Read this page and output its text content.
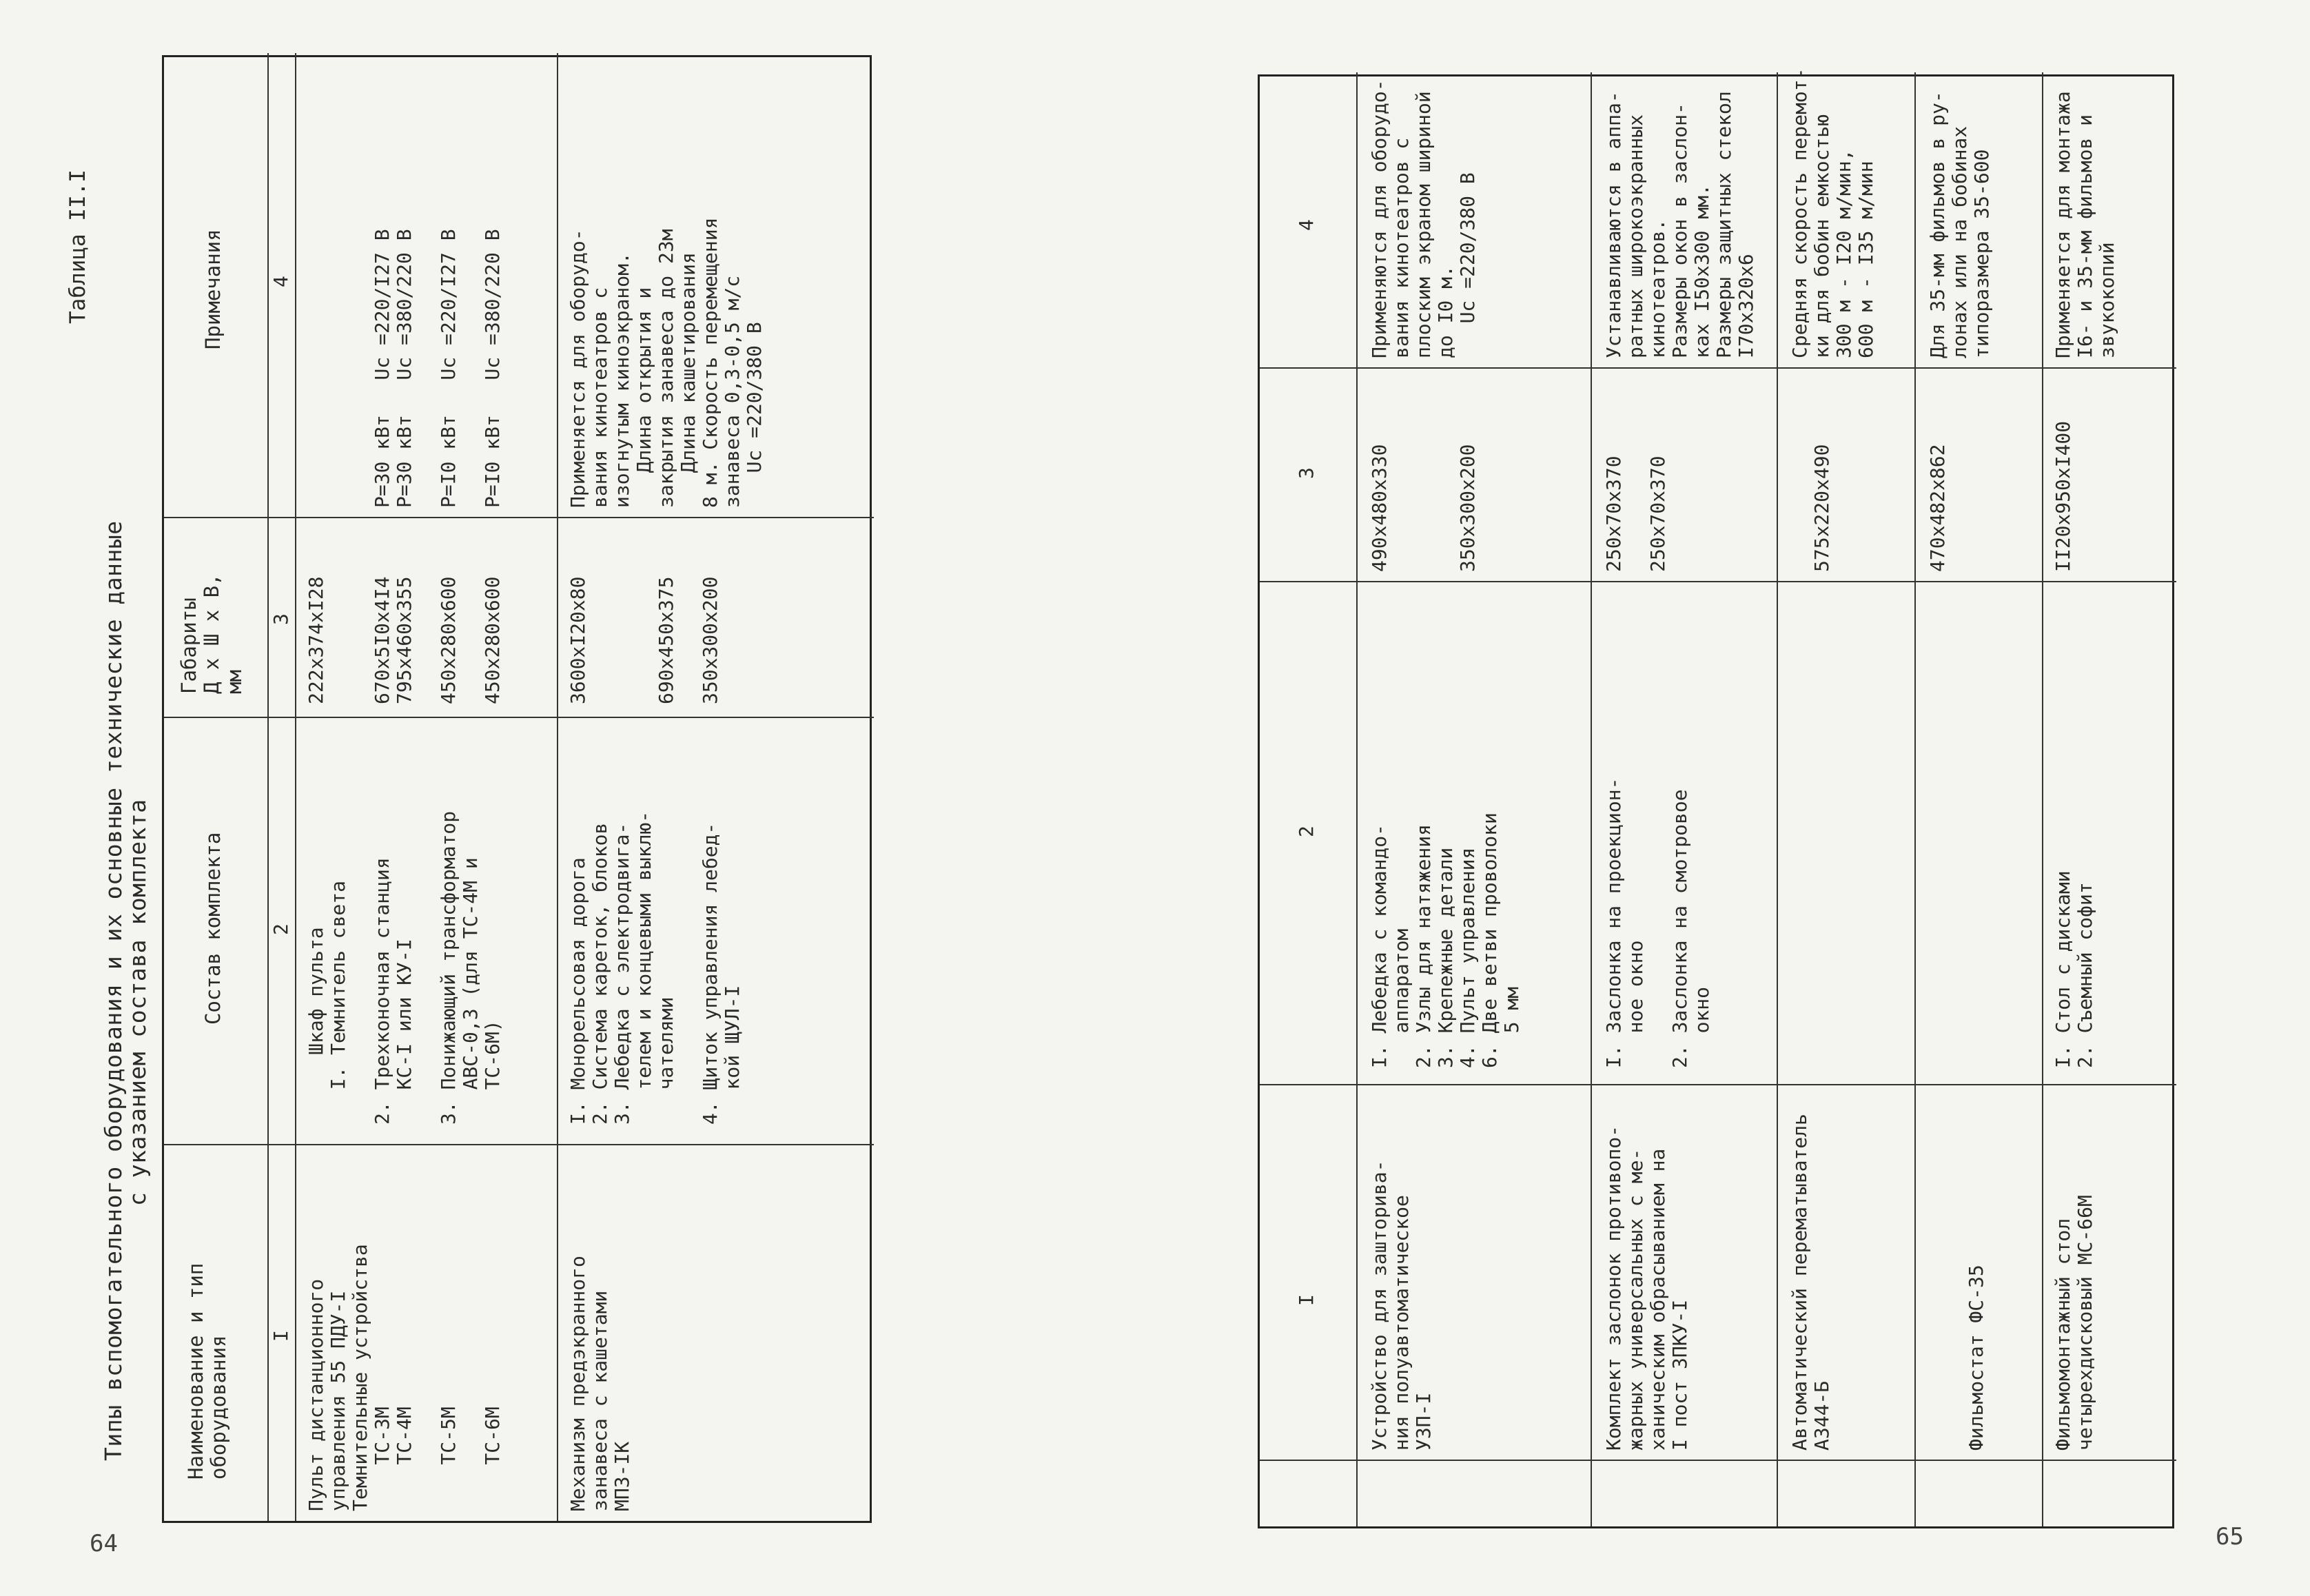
64	65
Таблица II.I
Типы вспомогательного оборудования и их основные технические данные
с указанием состава комплекта
Наименование и тип
оборудования
Состав комплекта
Габариты
Д х Ш х В,
мм
Примечания
I
2
3
4
Пульт дистанционного
управления 55 ПДУ-I
Темнительные устройства
ТС-3М
ТС-4М

ТС-5М

ТС-6М
Шкаф пульта
I. Темнитель света

2. Трехконочная станция
КС-I или КУ-I

3. Понижающий трансформатор
АВС-0,3 (для ТС-4М и
ТС-6М)
222x374xI28

670x5I0x4I4
795x460x355

450x280x600

450x280x600

Р=30 кВт   Uс =220/I27 В
Р=30 кВт   Uс =380/220 В

Р=I0 кВт   Uс =220/I27 В

Р=I0 кВт   Uс =380/220 В
Механизм предэкранного
занавеса с кашетами
МПЗ-IК
I. Монорельсовая дорога
2. Система кареток, блоков
3. Лебедка с электродвига-
телем и концевыми выклю-
чателями

4. Щиток управления лебед-
кой ЩУЛ-I
3600xI20x80

690x450x375

350x300x200
Применяется для оборудо-
вания кинотеатров с
изогнутым киноэкраном.
Длина открытия и
закрытия занавеса до 23м
Длина кашетирования
8 м. Скорость перемещения
занавеса 0,3-0,5 м/с
Uс =220/380 В
I
2
3
4
Устройство для зашторива-
ния полуавтоматическое
УЗП-I
I. Лебедка с командо-
аппаратом
2. Узлы для натяжения
3. Крепежные детали
4. Пульт управления
6. Две ветви проволоки
5 мм
490x480x330

350x300x200
Применяются для оборудо-
вания кинотеатров с
плоским экраном шириной
до I0 м.
Uс =220/380 В
Комплект заслонок противопо-
жарных универсальных с ме-
ханическим обрасыванием на
I пост ЗПКУ-I
I. Заслонка на проекцион-
ное окно

2. Заслонка на смотровое
окно
250x70x370

250x70x370
Устанавливаются в аппа-
ратных широкоэкранных
кинотеатров.
Размеры окон в заслон-
ках I50x300 мм.
Размеры защитных стекол
I70x320x6
Автоматический перематыватель
А344-Б
575x220x490
Средняя скорость перемот-
ки для бобин емкостью
300 м - I20 м/мин,
600 м - I35 м/мин

Фильмостат ФС-35
470x482x862
Для 35-мм фильмов в ру-
лонах или на бобинах
типоразмера 35-600
Фильмомонтажный стол
четырехдисковый МС-66М
I. Стол с дисками
2. Съемный софит
II20x950xI400
Применяется для монтажа
I6- и 35-мм фильмов и
звукокопий
